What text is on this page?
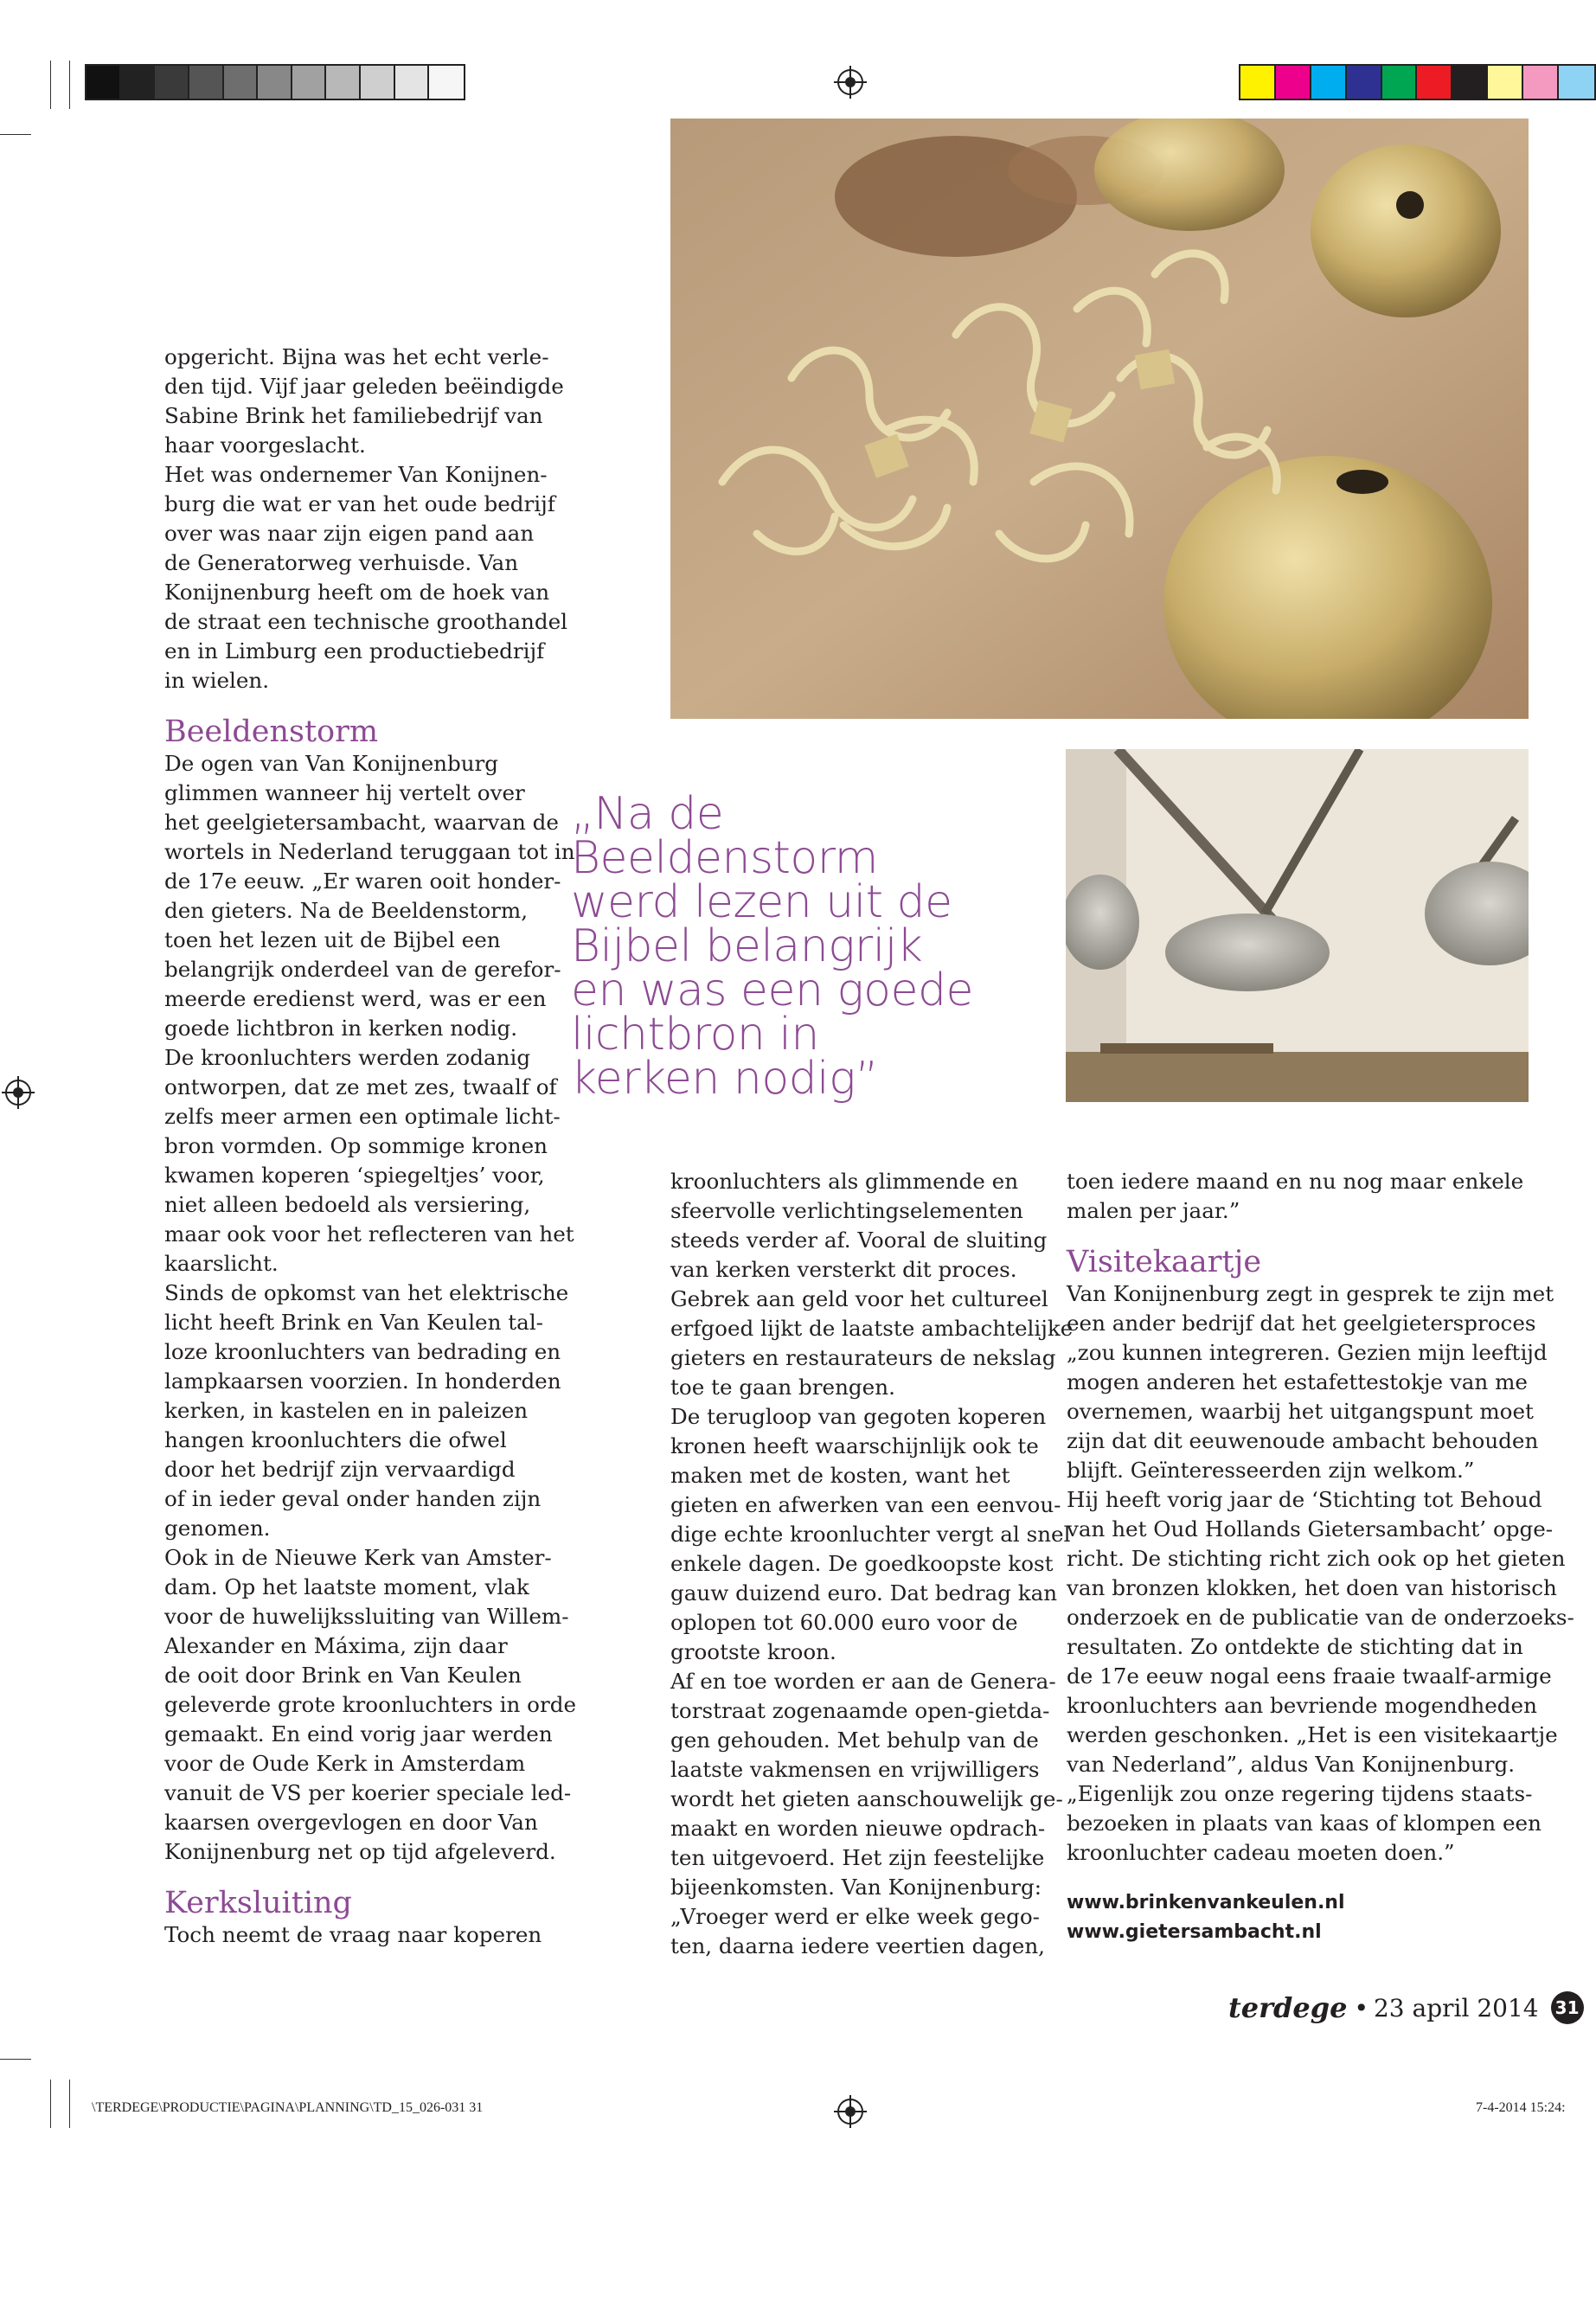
opgericht. Bijna was het echt verle-
den tijd. Vijf jaar geleden beëindigde
Sabine Brink het familiebedrijf van
haar voorgeslacht.
Het was ondernemer Van Konijnen-
burg die wat er van het oude bedrijf
over was naar zijn eigen pand aan
de Generatorweg verhuisde. Van
Konijnenburg heeft om de hoek van
de straat een technische groothandel
en in Limburg een productiebedrijf
in wielen.
Beeldenstorm
De ogen van Van Konijnenburg
glimmen wanneer hij vertelt over
het geelgietersambacht, waarvan de
wortels in Nederland teruggaan tot in
de 17e eeuw. „Er waren ooit honder-
den gieters. Na de Beeldenstorm,
toen het lezen uit de Bijbel een
belangrijk onderdeel van de gerefor-
meerde eredienst werd, was er een
goede lichtbron in kerken nodig.
De kroonluchters werden zodanig
ontworpen, dat ze met zes, twaalf of
zelfs meer armen een optimale licht-
bron vormden. Op sommige kronen
kwamen koperen ‘spiegeltjes’ voor,
niet alleen bedoeld als versiering,
maar ook voor het reflecteren van het
kaarslicht.
Sinds de opkomst van het elektrische
licht heeft Brink en Van Keulen tal-
loze kroonluchters van bedrading en
lampkaarsen voorzien. In honderden
kerken, in kastelen en in paleizen
hangen kroonluchters die ofwel
door het bedrijf zijn vervaardigd
of in ieder geval onder handen zijn
genomen.
Ook in de Nieuwe Kerk van Amster-
dam. Op het laatste moment, vlak
voor de huwelijkssluiting van Willem-
Alexander en Máxima, zijn daar
de ooit door Brink en Van Keulen
geleverde grote kroonluchters in orde
gemaakt. En eind vorig jaar werden
voor de Oude Kerk in Amsterdam
vanuit de VS per koerier speciale led-
kaarsen overgevlogen en door Van
Konijnenburg net op tijd afgeleverd.
Kerksluiting
Toch neemt de vraag naar koperen
„Na de
Beeldenstorm
werd lezen uit de
Bijbel belangrijk
en was een goede
lichtbron in
kerken nodig”
kroonluchters als glimmende en
sfeervolle verlichtingselementen
steeds verder af. Vooral de sluiting
van kerken versterkt dit proces.
Gebrek aan geld voor het cultureel
erfgoed lijkt de laatste ambachtelijke
gieters en restaurateurs de nekslag
toe te gaan brengen.
De terugloop van gegoten koperen
kronen heeft waarschijnlijk ook te
maken met de kosten, want het
gieten en afwerken van een eenvou-
dige echte kroonluchter vergt al snel
enkele dagen. De goedkoopste kost
gauw duizend euro. Dat bedrag kan
oplopen tot 60.000 euro voor de
grootste kroon.
Af en toe worden er aan de Genera-
torstraat zogenaamde open-gietda-
gen gehouden. Met behulp van de
laatste vakmensen en vrijwilligers
wordt het gieten aanschouwelijk ge-
maakt en worden nieuwe opdrach-
ten uitgevoerd. Het zijn feestelijke
bijeenkomsten. Van Konijnenburg:
„Vroeger werd er elke week gego-
ten, daarna iedere veertien dagen,
toen iedere maand en nu nog maar enkele
malen per jaar.”
Visitekaartje
Van Konijnenburg zegt in gesprek te zijn met
een ander bedrijf dat het geelgietersproces
„zou kunnen integreren. Gezien mijn leeftijd
mogen anderen het estafettestokje van me
overnemen, waarbij het uitgangspunt moet
zijn dat dit eeuwenoude ambacht behouden
blijft. Geïnteresseerden zijn welkom.”
Hij heeft vorig jaar de ‘Stichting tot Behoud
van het Oud Hollands Gietersambacht’ opge-
richt. De stichting richt zich ook op het gieten
van bronzen klokken, het doen van historisch
onderzoek en de publicatie van de onderzoeks-
resultaten. Zo ontdekte de stichting dat in
de 17e eeuw nogal eens fraaie twaalf-armige
kroonluchters aan bevriende mogendheden
werden geschonken. „Het is een visitekaartje
van Nederland”, aldus Van Konijnenburg.
„Eigenlijk zou onze regering tijdens staats-
bezoeken in plaats van kaas of klompen een
kroonluchter cadeau moeten doen.”
www.brinkenvankeulen.nl
www.gietersambacht.nl
terdege • 23 april 2014 31
\TERDEGE\PRODUCTIE\PAGINA\PLANNING\TD_15_026-031 31	7-4-2014 15:24:
